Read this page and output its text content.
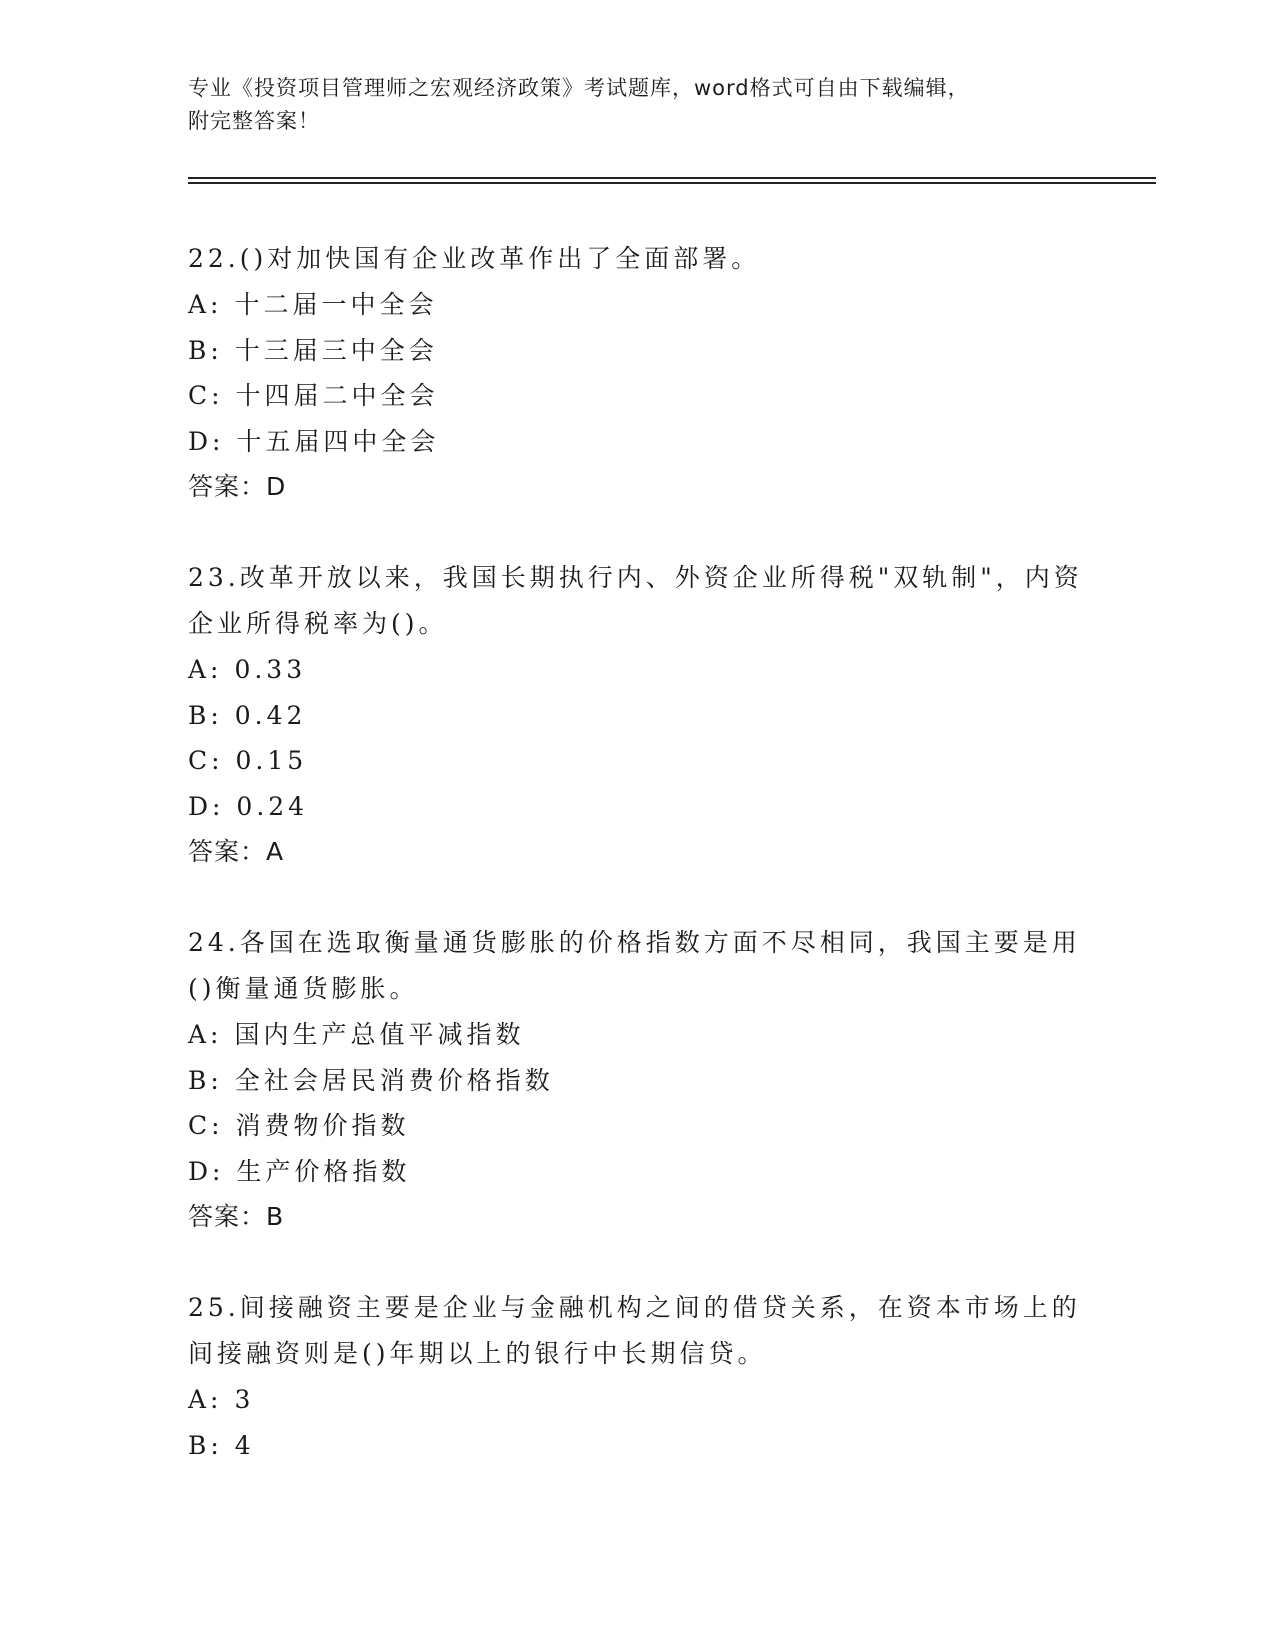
专业《投资项目管理师之宏观经济政策》考试题库，word格式可自由下载编辑，
附完整答案！
22.()对加快国有企业改革作出了全面部署。
A: 十二届一中全会
B: 十三届三中全会
C: 十四届二中全会
D: 十五届四中全会
答案：D
23.改革开放以来，我国长期执行内、外资企业所得税"双轨制"，内资
企业所得税率为()。
A: 0.33
B: 0.42
C: 0.15
D: 0.24
答案：A
24.各国在选取衡量通货膨胀的价格指数方面不尽相同，我国主要是用
()衡量通货膨胀。
A: 国内生产总值平减指数
B: 全社会居民消费价格指数
C: 消费物价指数
D: 生产价格指数
答案：B
25.间接融资主要是企业与金融机构之间的借贷关系，在资本市场上的
间接融资则是()年期以上的银行中长期信贷。
A: 3
B: 4
